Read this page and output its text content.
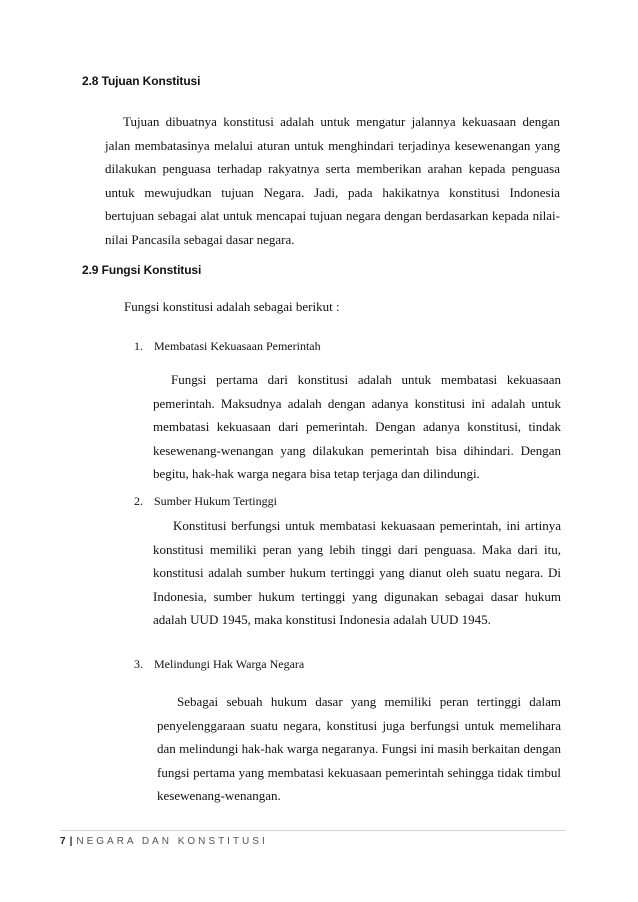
2.8 Tujuan Konstitusi

Tujuan dibuatnya konstitusi adalah untuk mengatur jalannya kekuasaan dengan jalan membatasinya melalui aturan untuk menghindari terjadinya kesewenangan yang dilakukan penguasa terhadap rakyatnya serta memberikan arahan kepada penguasa untuk mewujudkan tujuan Negara. Jadi, pada hakikatnya konstitusi Indonesia bertujuan sebagai alat untuk mencapai tujuan negara dengan berdasarkan kepada nilai-nilai Pancasila sebagai dasar negara.

2.9 Fungsi Konstitusi
Fungsi konstitusi adalah sebagai berikut :
1. Membatasi Kekuasaan Pemerintah

Fungsi pertama dari konstitusi adalah untuk membatasi kekuasaan pemerintah. Maksudnya adalah dengan adanya konstitusi ini adalah untuk membatasi kekuasaan dari pemerintah. Dengan adanya konstitusi, tindak kesewenang-wenangan yang dilakukan pemerintah bisa dihindari. Dengan begitu, hak-hak warga negara bisa tetap terjaga dan dilindungi.

2. Sumber Hukum Tertinggi

Konstitusi berfungsi untuk membatasi kekuasaan pemerintah, ini artinya konstitusi memiliki peran yang lebih tinggi dari penguasa. Maka dari itu, konstitusi adalah sumber hukum tertinggi yang dianut oleh suatu negara. Di Indonesia, sumber hukum tertinggi yang digunakan sebagai dasar hukum adalah UUD 1945, maka konstitusi Indonesia adalah UUD 1945.

3. Melindungi Hak Warga Negara

Sebagai sebuah hukum dasar yang memiliki peran tertinggi dalam penyelenggaraan suatu negara, konstitusi juga berfungsi untuk memelihara dan melindungi hak-hak warga negaranya. Fungsi ini masih berkaitan dengan fungsi pertama yang membatasi kekuasaan pemerintah sehingga tidak timbul kesewenang-wenangan.

7 | NEGARA DAN KONSTITUSI
